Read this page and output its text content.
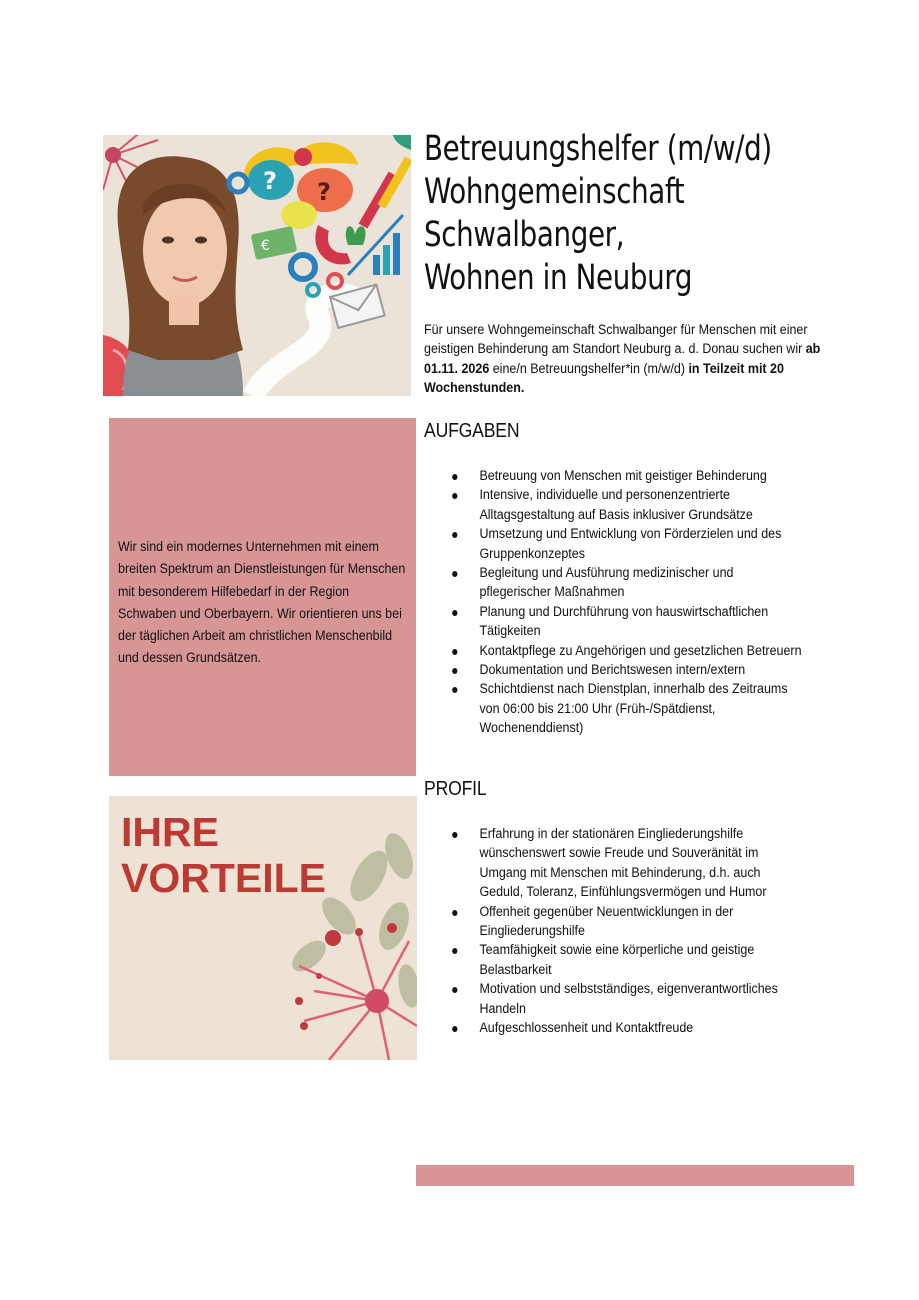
? ?
€
Betreuungshelfer (m/w/d)
Wohngemeinschaft
Schwalbanger,
Wohnen in Neuburg

Für unsere Wohngemeinschaft Schwalbanger für Menschen mit einer geistigen Behinderung am Standort Neuburg a. d. Donau suchen wir ab 01.11. 2026 eine/n Betreuungshelfer*in (m/w/d) in Teilzeit mit 20 Wochenstunden.

Wir sind ein modernes Unternehmen mit einem breiten Spektrum an Dienstleistungen für Menschen mit besonderem Hilfebedarf in der Region Schwaben und Oberbayern. Wir orientieren uns bei der täglichen Arbeit am christlichen Menschenbild und dessen Grundsätzen.

AUFGABEN
Betreuung von Menschen mit geistiger Behinderung
Intensive, individuelle und personenzentrierte Alltagsgestaltung auf Basis inklusiver Grundsätze
Umsetzung und Entwicklung von Förderzielen und des Gruppenkonzeptes
Begleitung und Ausführung medizinischer und pflegerischer Maßnahmen
Planung und Durchführung von hauswirtschaftlichen Tätigkeiten
Kontaktpflege zu Angehörigen und gesetzlichen Betreuern
Dokumentation und Berichtswesen intern/extern
Schichtdienst nach Dienstplan, innerhalb des Zeitraums von 06:00 bis 21:00 Uhr (Früh-/Spätdienst, Wochenenddienst)
PROFIL
Erfahrung in der stationären Eingliederungshilfe wünschenswert sowie Freude und Souveränität im Umgang mit Menschen mit Behinderung, d.h. auch Geduld, Toleranz, Einfühlungsvermögen und Humor
Offenheit gegenüber Neuentwicklungen in der Eingliederungshilfe
Teamfähigkeit sowie eine körperliche und geistige Belastbarkeit
Motivation und selbstständiges, eigenverantwortliches Handeln
Aufgeschlossenheit und Kontaktfreude
IHRE
VORTEILE
